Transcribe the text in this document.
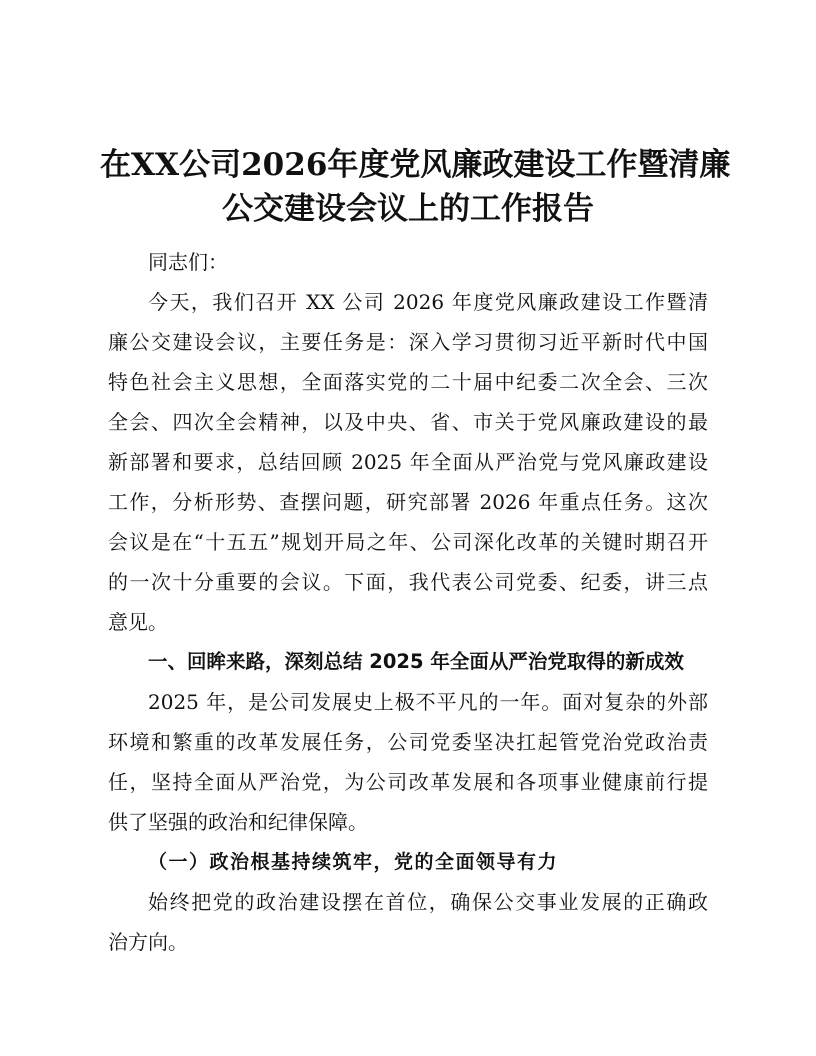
在XX公司2026年度党风廉政建设工作暨清廉
公交建设会议上的工作报告
同志们：
今天，我们召开 XX 公司 2026 年度党风廉政建设工作暨清
廉公交建设会议，主要任务是：深入学习贯彻习近平新时代中国
特色社会主义思想，全面落实党的二十届中纪委二次全会、三次
全会、四次全会精神，以及中央、省、市关于党风廉政建设的最
新部署和要求，总结回顾 2025 年全面从严治党与党风廉政建设
工作，分析形势、查摆问题，研究部署 2026 年重点任务。这次
会议是在“十五五”规划开局之年、公司深化改革的关键时期召开
的一次十分重要的会议。下面，我代表公司党委、纪委，讲三点
意见。
一、回眸来路，深刻总结 2025 年全面从严治党取得的新成效
2025 年，是公司发展史上极不平凡的一年。面对复杂的外部
环境和繁重的改革发展任务，公司党委坚决扛起管党治党政治责
任，坚持全面从严治党，为公司改革发展和各项事业健康前行提
供了坚强的政治和纪律保障。
（一）政治根基持续筑牢，党的全面领导有力
始终把党的政治建设摆在首位，确保公交事业发展的正确政
治方向。
